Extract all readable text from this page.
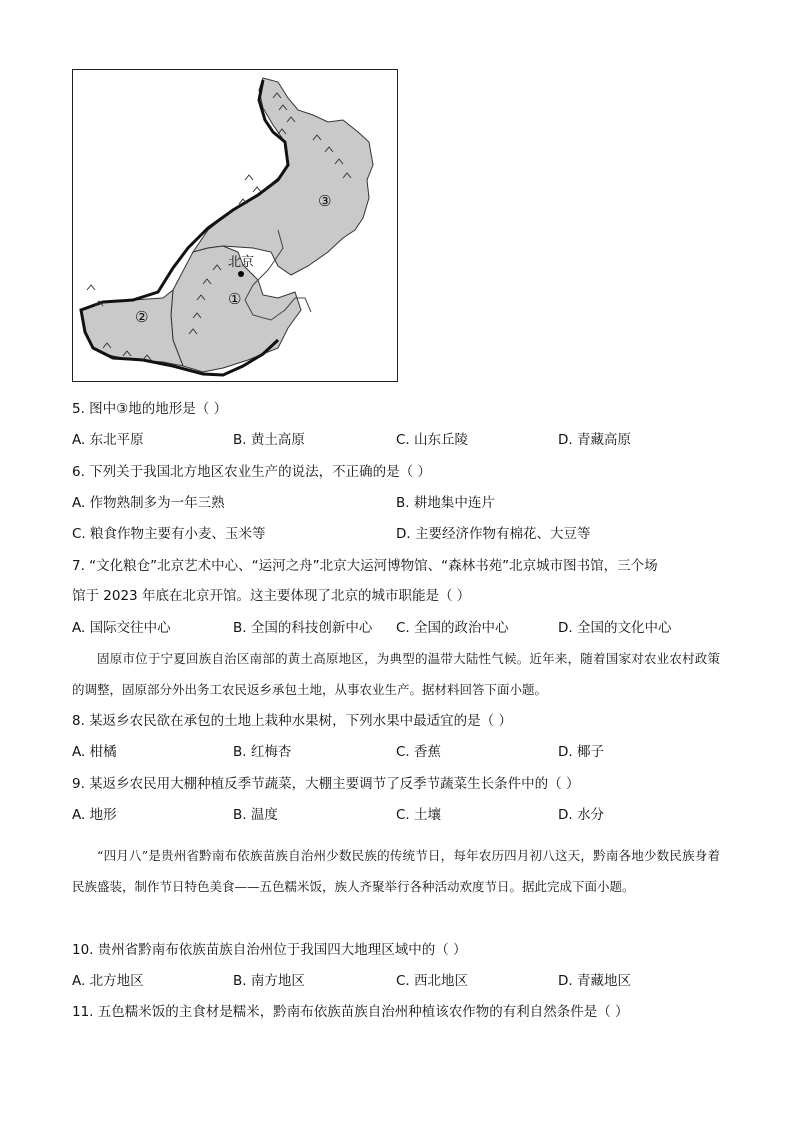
北京
①
②
③
5. 图中③地的地形是（ ）
A. 东北平原	B. 黄土高原	C. 山东丘陵	D. 青藏高原
6. 下列关于我国北方地区农业生产的说法，不正确的是（ ）
A. 作物熟制多为一年三熟	B. 耕地集中连片
C. 粮食作物主要有小麦、玉米等	D. 主要经济作物有棉花、大豆等
7. “文化粮仓”北京艺术中心、“运河之舟”北京大运河博物馆、“森林书苑”北京城市图书馆，三个场
馆于 2023 年底在北京开馆。这主要体现了北京的城市职能是（ ）
A. 国际交往中心	B. 全国的科技创新中心 C. 全国的政治中心	D. 全国的文化中心
固原市位于宁夏回族自治区南部的黄土高原地区，为典型的温带大陆性气候。近年来，随着国家对农业农村政策的调整，固原部分外出务工农民返乡承包土地，从事农业生产。据材料回答下面小题。
8. 某返乡农民欲在承包的土地上栽种水果树，下列水果中最适宜的是（ ）
A. 柑橘	B. 红梅杏	C. 香蕉	D. 椰子
9. 某返乡农民用大棚种植反季节蔬菜，大棚主要调节了反季节蔬菜生长条件中的（ ）
A. 地形	B. 温度	C. 土壤	D. 水分
“四月八”是贵州省黔南布依族苗族自治州少数民族的传统节日，每年农历四月初八这天，黔南各地少数民族身着民族盛装，制作节日特色美食——五色糯米饭，族人齐聚举行各种活动欢度节日。据此完成下面小题。
10. 贵州省黔南布依族苗族自治州位于我国四大地理区域中的（ ）
A. 北方地区	B. 南方地区	C. 西北地区	D. 青藏地区
11. 五色糯米饭的主食材是糯米，黔南布依族苗族自治州种植该农作物的有利自然条件是（ ）
